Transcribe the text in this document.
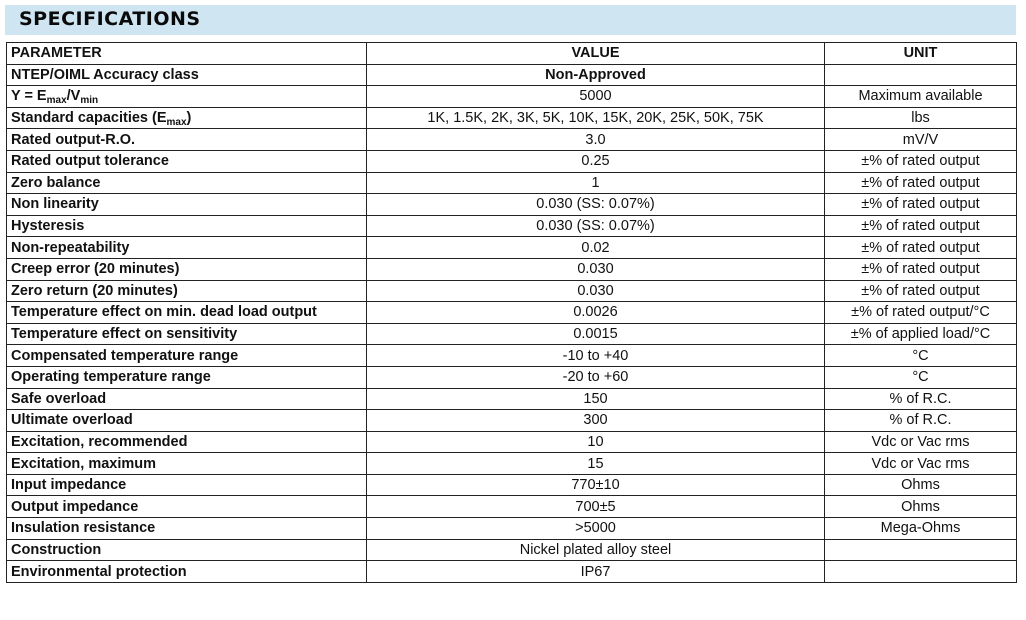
SPECIFICATIONS
PARAMETER	VALUE	UNIT
NTEP/OIML Accuracy class	Non-Approved	
$Y = E_{max}/V_{min}$	5000	Maximum available
Standard capacities $(E_{max})$	1K, 1.5K, 2K, 3K, 5K, 10K, 15K, 20K, 25K, 50K, 75K	lbs
Rated output-R.O.	3.0	mV/V
Rated output tolerance	0.25	±% of rated output
Zero balance	1	±% of rated output
Non linearity	0.030 (SS: 0.07%)	±% of rated output
Hysteresis	0.030 (SS: 0.07%)	±% of rated output
Non-repeatability	0.02	±% of rated output
Creep error (20 minutes)	0.030	±% of rated output
Zero return (20 minutes)	0.030	±% of rated output
Temperature effect on min. dead load output	0.0026	±% of rated output/°C
Temperature effect on sensitivity	0.0015	±% of applied load/°C
Compensated temperature range	-10 to +40	°C
Operating temperature range	-20 to +60	°C
Safe overload	150	% of R.C.
Ultimate overload	300	% of R.C.
Excitation, recommended	10	Vdc or Vac rms
Excitation, maximum	15	Vdc or Vac rms
Input impedance	770±10	Ohms
Output impedance	700±5	Ohms
Insulation resistance	>5000	Mega-Ohms
Construction	Nickel plated alloy steel	
Environmental protection	IP67	
